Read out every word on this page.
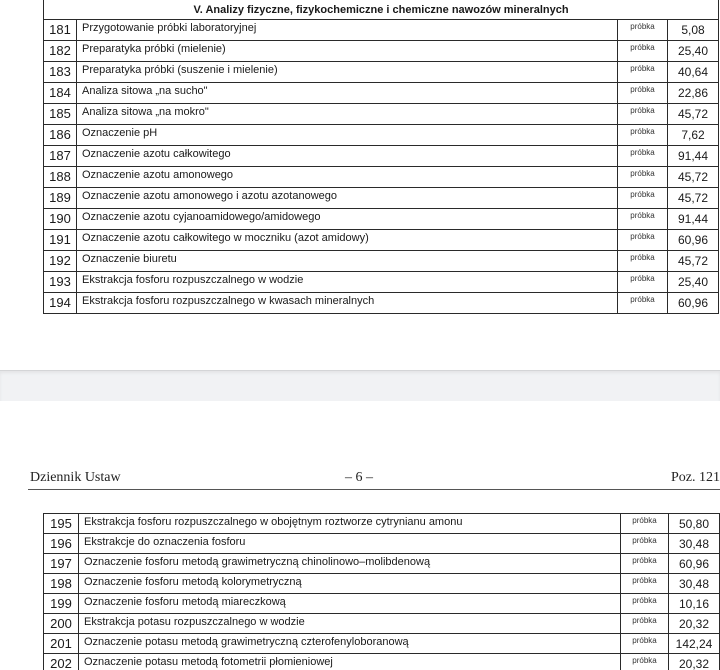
V. Analizy fizyczne, fizykochemiczne i chemiczne nawozów mineralnych			
181	Przygotowanie próbki laboratoryjnej	próbka	5,08
182	Preparatyka próbki (mielenie)	próbka	25,40
183	Preparatyka próbki (suszenie i mielenie)	próbka	40,64
184	Analiza sitowa „na sucho"	próbka	22,86
185	Analiza sitowa „na mokro"	próbka	45,72
186	Oznaczenie pH	próbka	7,62
187	Oznaczenie azotu całkowitego	próbka	91,44
188	Oznaczenie azotu amonowego	próbka	45,72
189	Oznaczenie azotu amonowego i azotu azotanowego	próbka	45,72
190	Oznaczenie azotu cyjanoamidowego/amidowego	próbka	91,44
191	Oznaczenie azotu całkowitego w moczniku (azot amidowy)	próbka	60,96
192	Oznaczenie biuretu	próbka	45,72
193	Ekstrakcja fosforu rozpuszczalnego w wodzie	próbka	25,40
194	Ekstrakcja fosforu rozpuszczalnego w kwasach mineralnych	próbka	60,96
Dziennik Ustaw	– 6 –	Poz. 121
195	Ekstrakcja fosforu rozpuszczalnego w obojętnym roztworze cytrynianu amonu	próbka	50,80
196	Ekstrakcje do oznaczenia fosforu	próbka	30,48
197	Oznaczenie fosforu metodą grawimetryczną chinolinowo–molibdenową	próbka	60,96
198	Oznaczenie fosforu metodą kolorymetryczną	próbka	30,48
199	Oznaczenie fosforu metodą miareczkową	próbka	10,16
200	Ekstrakcja potasu rozpuszczalnego w wodzie	próbka	20,32
201	Oznaczenie potasu metodą grawimetryczną czterofenyloboranową	próbka	142,24
202	Oznaczenie potasu metodą fotometrii płomieniowej	próbka	20,32
